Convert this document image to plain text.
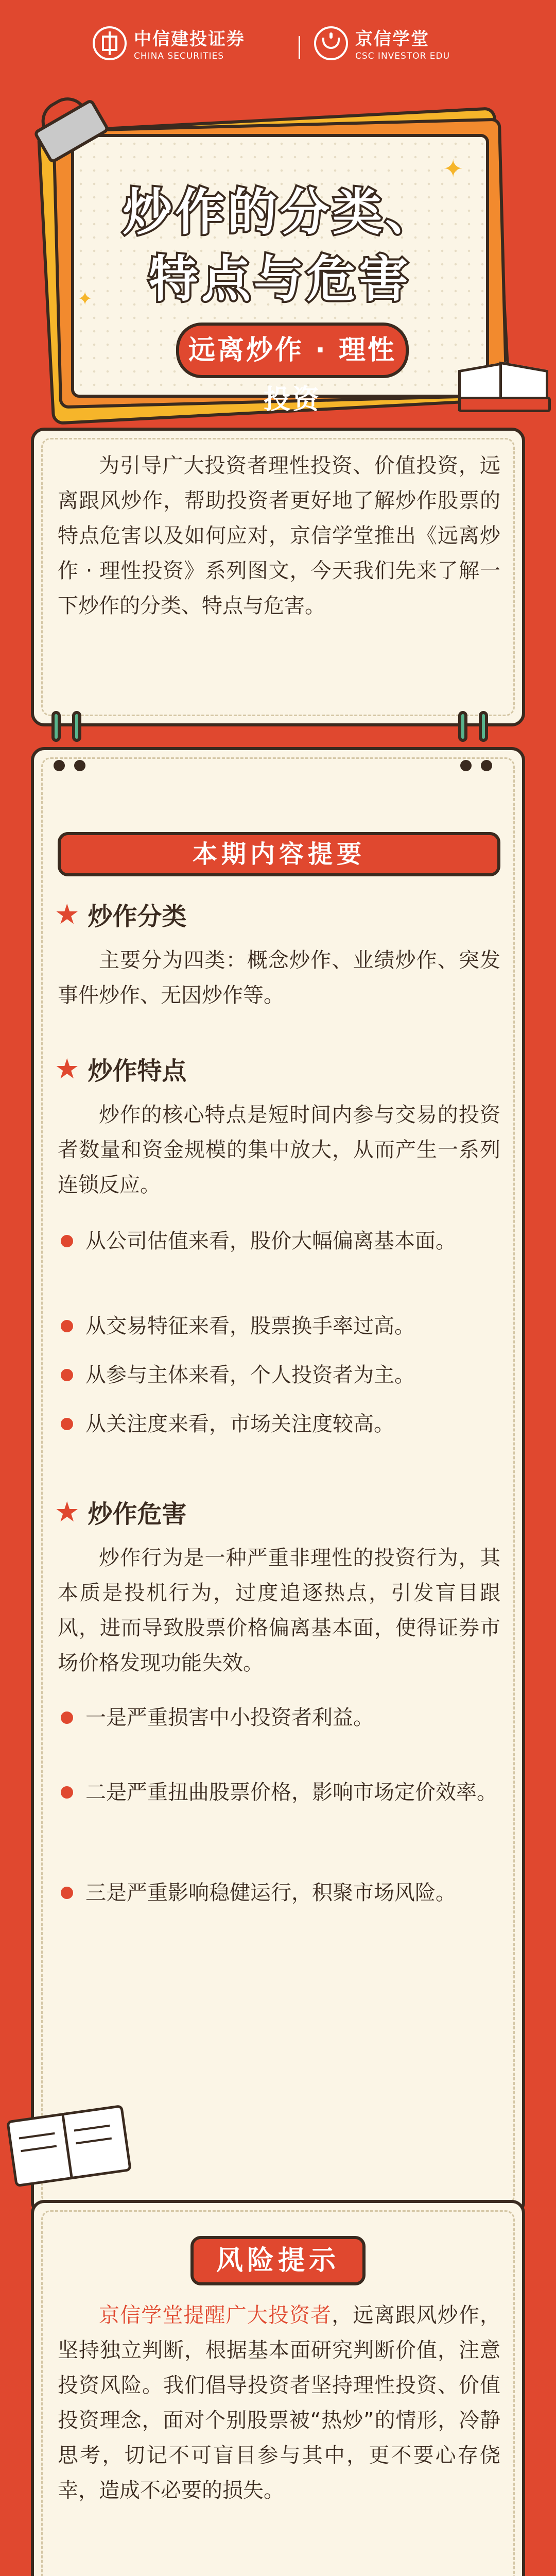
中信建投证券
CHINA SECURITIES
京信学堂
CSC INVESTOR EDU
炒作的分类、
特点与危害
远离炒作 · 理性投资
✦
✦
为引导广大投资者理性投资、价值投资，远离跟风炒作，帮助投资者更好地了解炒作股票的特点危害以及如何应对，京信学堂推出《远离炒作 · 理性投资》系列图文，今天我们先来了解一下炒作的分类、特点与危害。
本期内容提要
★ 炒作分类
主要分为四类：概念炒作、业绩炒作、突发事件炒作、无因炒作等。
★ 炒作特点
炒作的核心特点是短时间内参与交易的投资者数量和资金规模的集中放大，从而产生一系列连锁反应。
从公司估值来看，股价大幅偏离基本面。
从交易特征来看，股票换手率过高。
从参与主体来看，个人投资者为主。
从关注度来看，市场关注度较高。
★ 炒作危害
炒作行为是一种严重非理性的投资行为，其本质是投机行为，过度追逐热点，引发盲目跟风，进而导致股票价格偏离基本面，使得证券市场价格发现功能失效。
一是严重损害中小投资者利益。
二是严重扭曲股票价格，影响市场定价效率。
三是严重影响稳健运行，积聚市场风险。
风险提示
京信学堂提醒广大投资者，远离跟风炒作，坚持独立判断，根据基本面研究判断价值，注意投资风险。我们倡导投资者坚持理性投资、价值投资理念，面对个别股票被“热炒”的情形，冷静思考，切记不可盲目参与其中，更不要心存侥幸，造成不必要的损失。
